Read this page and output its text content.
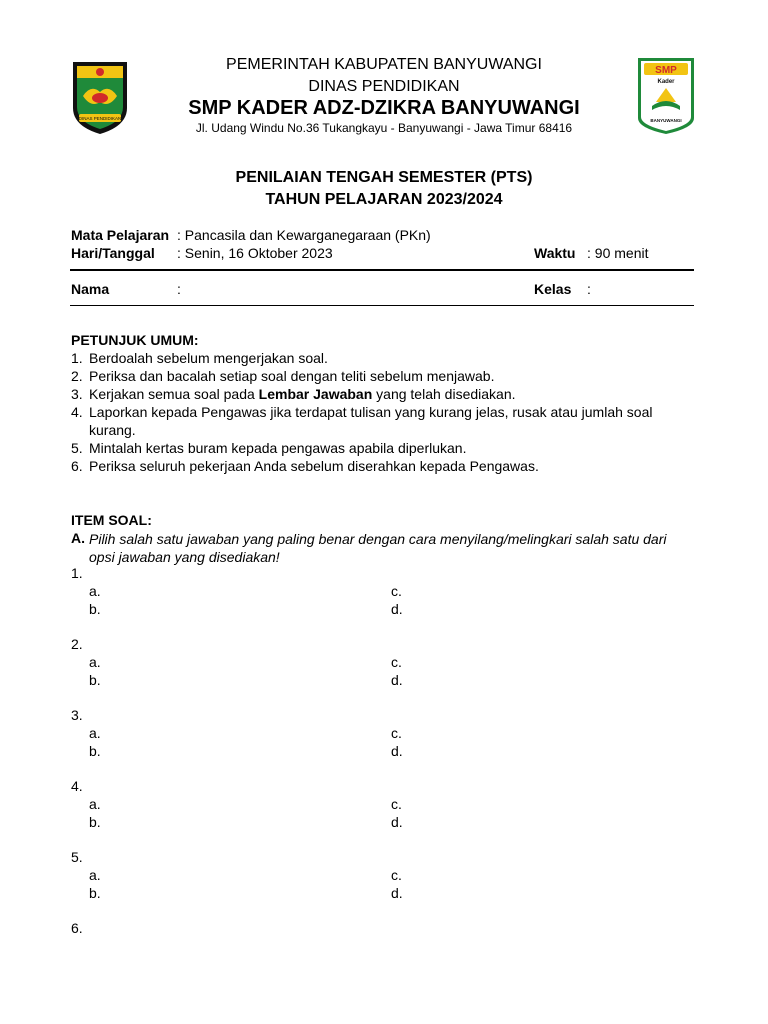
DINAS PENDIDIKAN
SMP
Kader
BANYUWANGI
PEMERINTAH KABUPATEN BANYUWANGI
DINAS PENDIDIKAN
SMP KADER ADZ-DZIKRA BANYUWANGI
Jl. Udang Windu No.36 Tukangkayu - Banyuwangi - Jawa Timur 68416
PENILAIAN TENGAH SEMESTER (PTS)
TAHUN PELAJARAN 2023/2024
Mata Pelajaran : Pancasila dan Kewarganegaraan (PKn)
Hari/Tanggal : Senin, 16 Oktober 2023	Waktu : 90 menit
Nama	:	Kelas :
PETUNJUK UMUM:
1. Berdoalah sebelum mengerjakan soal.
2. Periksa dan bacalah setiap soal dengan teliti sebelum menjawab.
3. Kerjakan semua soal pada Lembar Jawaban yang telah disediakan.
4. Laporkan kepada Pengawas jika terdapat tulisan yang kurang jelas, rusak atau jumlah soal kurang.
5. Mintalah kertas buram kepada pengawas apabila diperlukan.
6. Periksa seluruh pekerjaan Anda sebelum diserahkan kepada Pengawas.
ITEM SOAL:
A. Pilih salah satu jawaban yang paling benar dengan cara menyilang/melingkari salah satu dari opsi jawaban yang disediakan!
1.
a.	c.
b.	d.
2.
a.	c.
b.	d.
3.
a.	c.
b.	d.
4.
a.	c.
b.	d.
5.
a.	c.
b.	d.
6.
